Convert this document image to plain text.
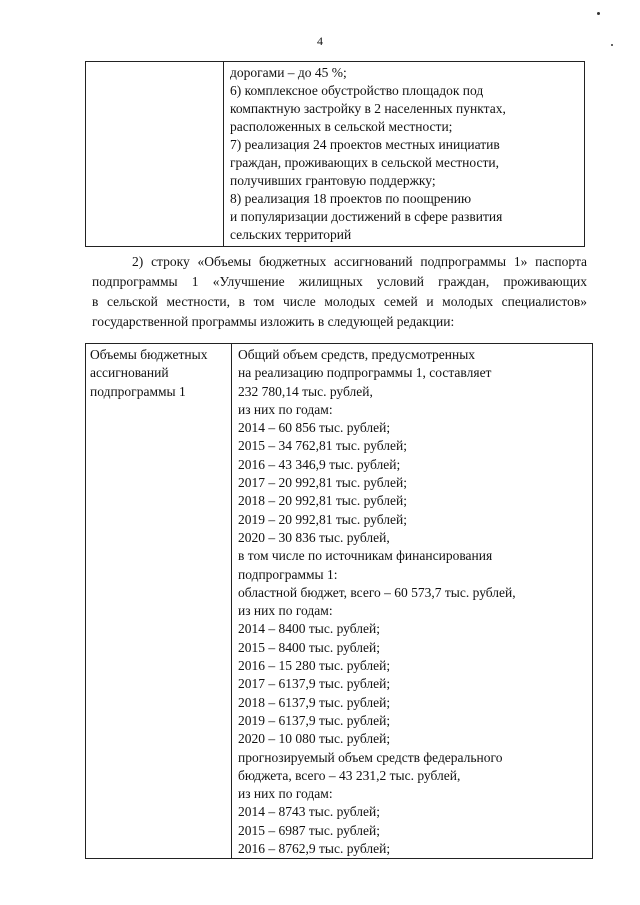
4

дорогами – до 45 %;
6) комплексное обустройство площадок под
компактную застройку в 2 населенных пунктах,
расположенных в сельской местности;
7) реализация 24 проектов местных инициатив
граждан, проживающих в сельской местности,
получивших грантовую поддержку;
8) реализация 18 проектов по поощрению
и популяризации достижений в сфере развития
сельских территорий
2) строку «Объемы бюджетных ассигнований подпрограммы 1» паспорта
подпрограммы 1 «Улучшение жилищных условий граждан, проживающих
в сельской местности, в том числе молодых семей и молодых специалистов»
государственной программы изложить в следующей редакции:
Объемы бюджетных
ассигнований
подпрограммы 1

Общий объем средств, предусмотренных
на реализацию подпрограммы 1, составляет
232 780,14 тыс. рублей,
из них по годам:
2014 – 60 856 тыс. рублей;
2015 – 34 762,81 тыс. рублей;
2016 – 43 346,9 тыс. рублей;
2017 – 20 992,81 тыс. рублей;
2018 – 20 992,81 тыс. рублей;
2019 – 20 992,81 тыс. рублей;
2020 – 30 836 тыс. рублей,
в том числе по источникам финансирования
подпрограммы 1:
областной бюджет, всего – 60 573,7 тыс. рублей,
из них по годам:
2014 – 8400 тыс. рублей;
2015 – 8400 тыс. рублей;
2016 – 15 280 тыс. рублей;
2017 – 6137,9 тыс. рублей;
2018 – 6137,9 тыс. рублей;
2019 – 6137,9 тыс. рублей;
2020 – 10 080 тыс. рублей;
прогнозируемый объем средств федерального
бюджета, всего – 43 231,2 тыс. рублей,
из них по годам:
2014 – 8743 тыс. рублей;
2015 – 6987 тыс. рублей;
2016 – 8762,9 тыс. рублей;
